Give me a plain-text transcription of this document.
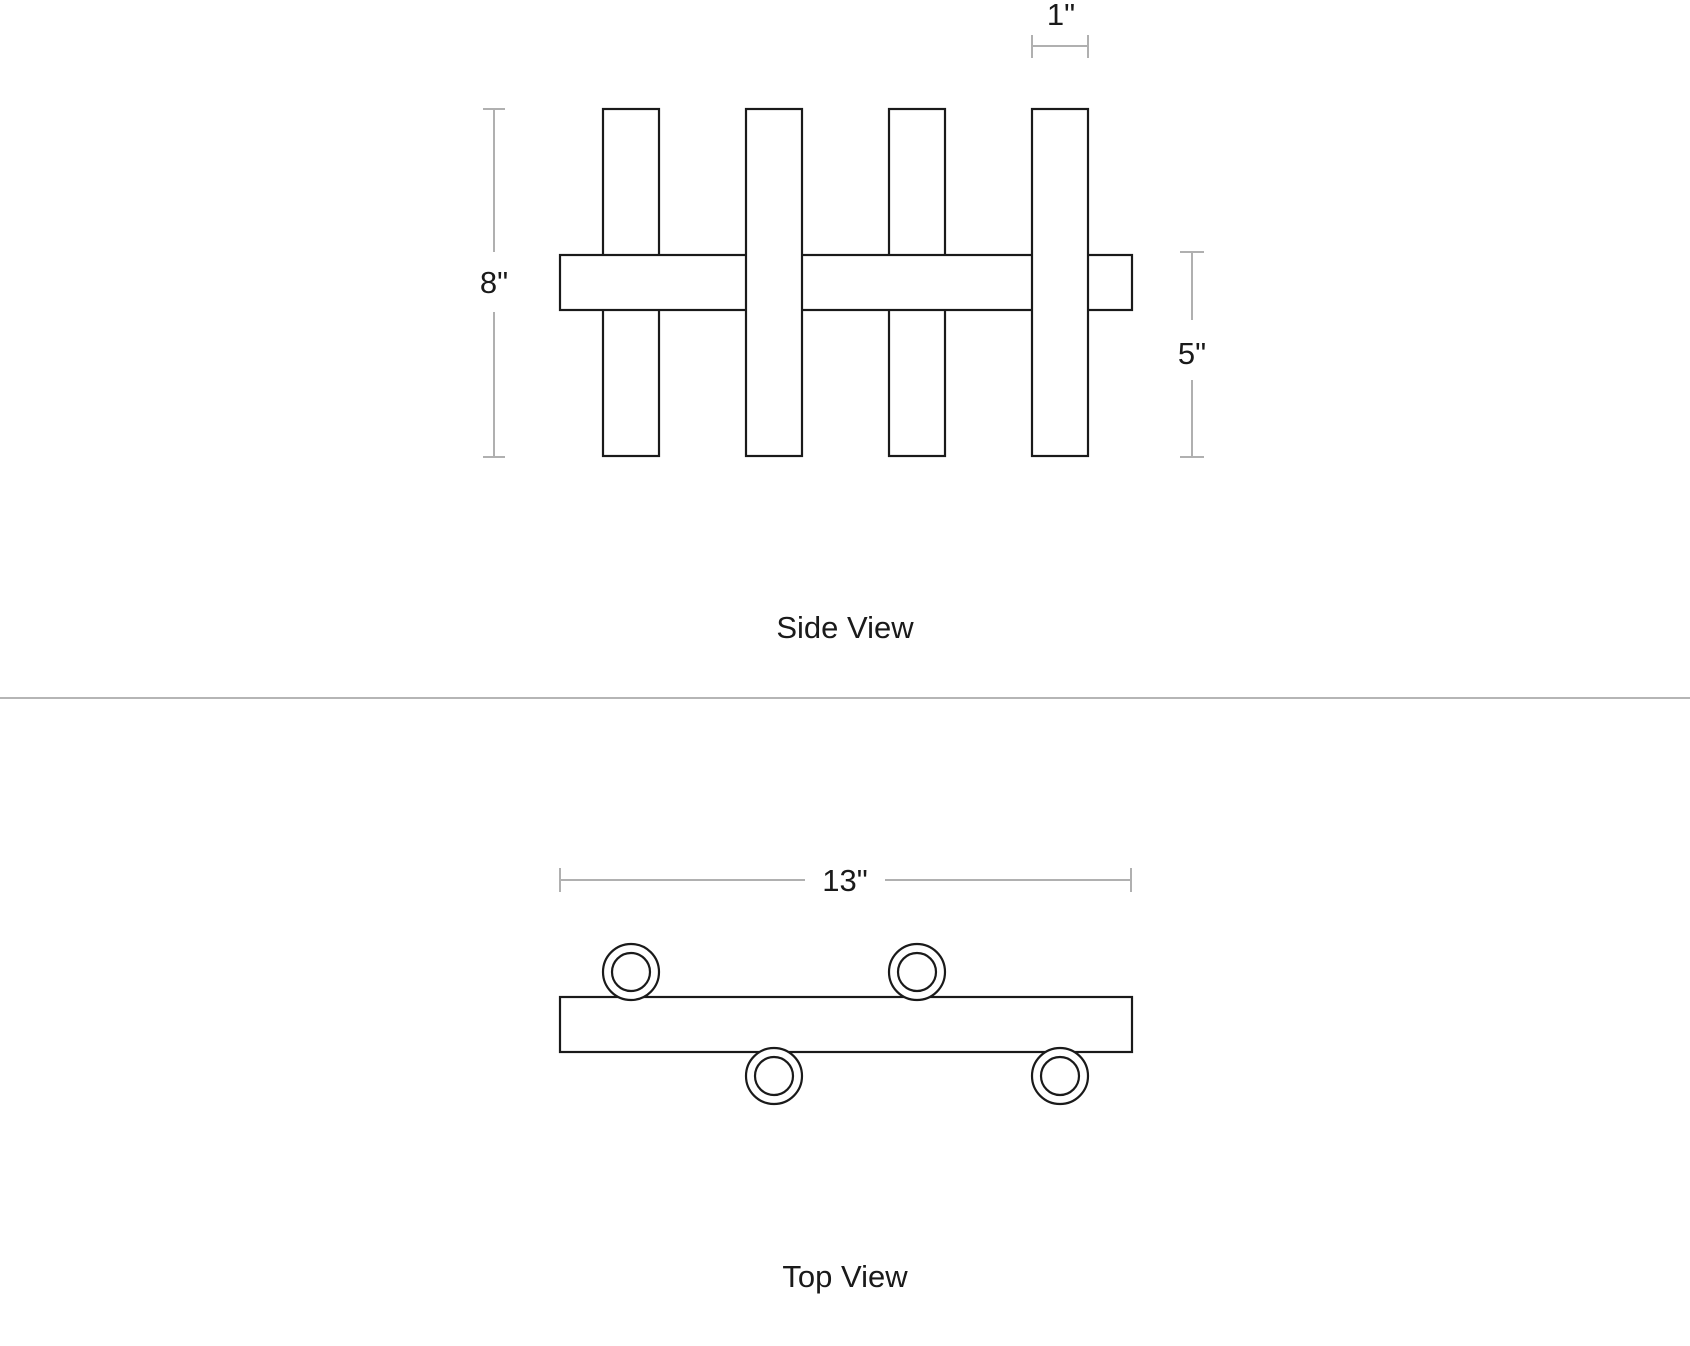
1"
8"
5"
Side View
13"
Top View
